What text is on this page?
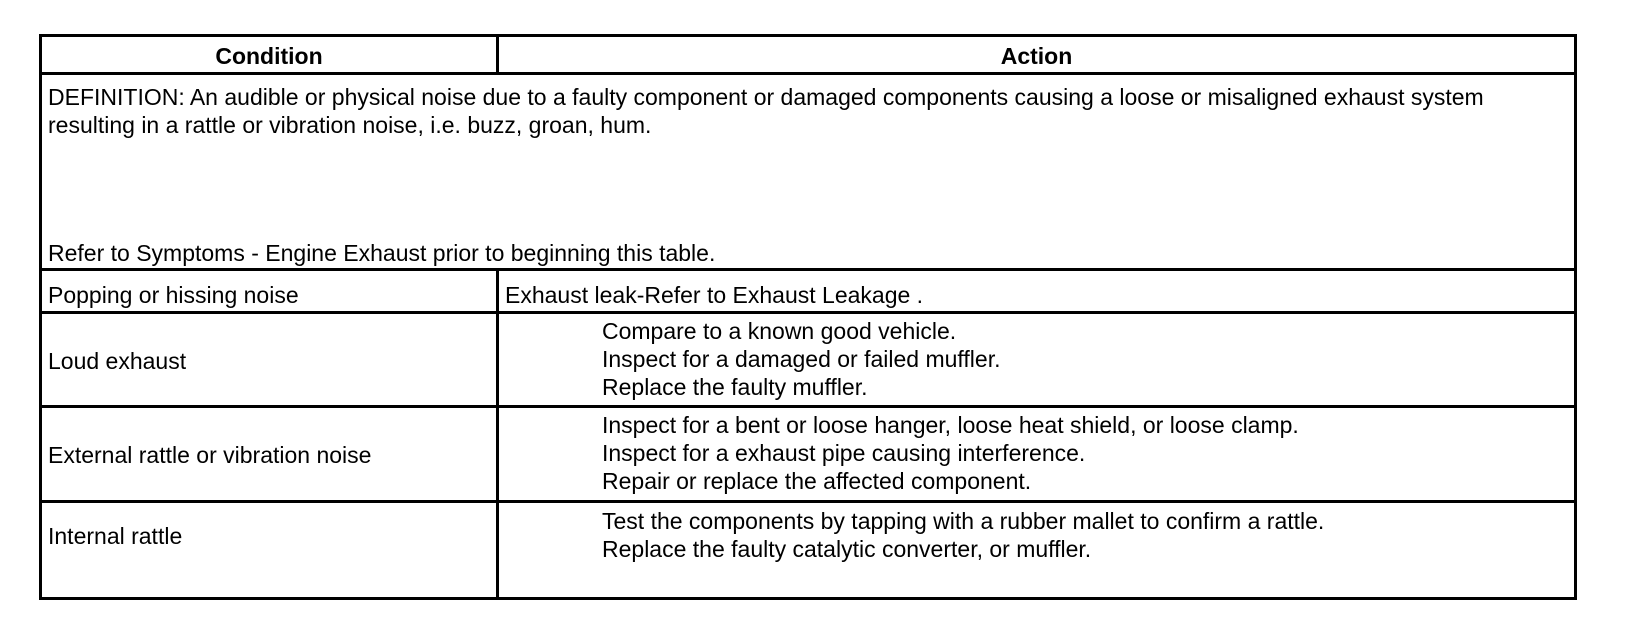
Condition	Action
DEFINITION: An audible or physical noise due to a faulty component or damaged components causing a loose or misaligned exhaust system resulting in a rattle or vibration noise, i.e. buzz, groan, hum.
Refer to Symptoms - Engine Exhaust prior to beginning this table.
Popping or hissing noise	Exhaust leak-Refer to Exhaust Leakage .
Loud exhaust
Compare to a known good vehicle.
Inspect for a damaged or failed muffler.
Replace the faulty muffler.
External rattle or vibration noise
Inspect for a bent or loose hanger, loose heat shield, or loose clamp.
Inspect for a exhaust pipe causing interference.
Repair or replace the affected component.
Internal rattle
Test the components by tapping with a rubber mallet to confirm a rattle.
Replace the faulty catalytic converter, or muffler.
